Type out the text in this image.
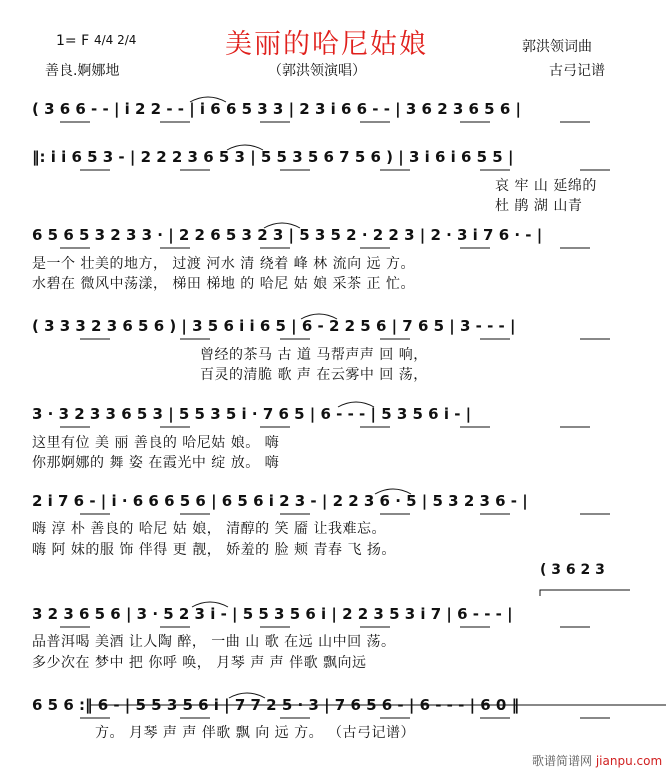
1= F 4/4 2/4	美丽的哈尼姑娘	郭洪领词曲
善良.婀娜地	（郭洪领演唱）	古弓记谱
( 3 6 6 - - | i 2 2 - - | i 6 6 5 3 3 | 2 3 i 6 6 - - | 3 6 2 3 6 5 6 |
‖: i i 6 5 3 - | 2 2 2 3 6 5 3 | 5 5 3 5 6 7 5 6 ) | 3 i 6 i 6 5 5 |
哀 牢 山 延绵的
杜 鹃 湖 山青
6 5 6 5 3 2 3 3 · | 2 2 6 5 3 2 3 | 5 3 5 2 · 2 2 3 | 2 · 3 i 7 6 · - |
是一个 壮美的地方， 过渡 河水 清 绕着 峰 林 流向 远 方。
水碧在 微风中荡漾， 梯田 梯地 的 哈尼 姑 娘 采茶 正 忙。
( 3 3 3 2 3 6 5 6 ) | 3 5 6 i i 6 5 | 6 - 2 2 5 6 | 7 6 5 | 3 - - - |
曾经的茶马 古 道 马帮声声 回 响，
百灵的清脆 歌 声 在云雾中 回 荡，
3 · 3 2 3 3 6 5 3 | 5 5 3 5 i · 7 6 5 | 6 - - - | 5 3 5 6 i - |
这里有位 美 丽 善良的 哈尼姑 娘。 嗨
你那婀娜的 舞 姿 在霞光中 绽 放。 嗨
2 i 7 6 - | i · 6 6 6 5 6 | 6 5 6 i 2 3 - | 2 2 3 6 · 5 | 5 3 2 3 6 - |
嗨 淳 朴 善良的 哈尼 姑 娘， 清醇的 笑 靥 让我难忘。
嗨 阿 妹的服 饰 伴得 更 靓， 娇羞的 脸 颊 青春 飞 扬。
( 3 6 2 3
3 2 3 6 5 6 | 3 · 5 2 3 i - | 5 5 3 5 6 i | 2 2 3 5 3 i 7 | 6 - - - |
品普洱喝 美酒 让人陶 醉， 一曲 山 歌 在远 山中回 荡。
多少次在 梦中 把 你呼 唤， 月琴 声 声 伴歌 飘向远
6 5 6 :‖ 6 - | 5 5 3 5 6 i | 7 7 2 5 · 3 | 7 6 5 6 - | 6 - - - | 6 0 ‖
方。 月琴 声 声 伴歌 飘 向 远 方。 （古弓记谱）
歌谱简谱网 jianpu.com
